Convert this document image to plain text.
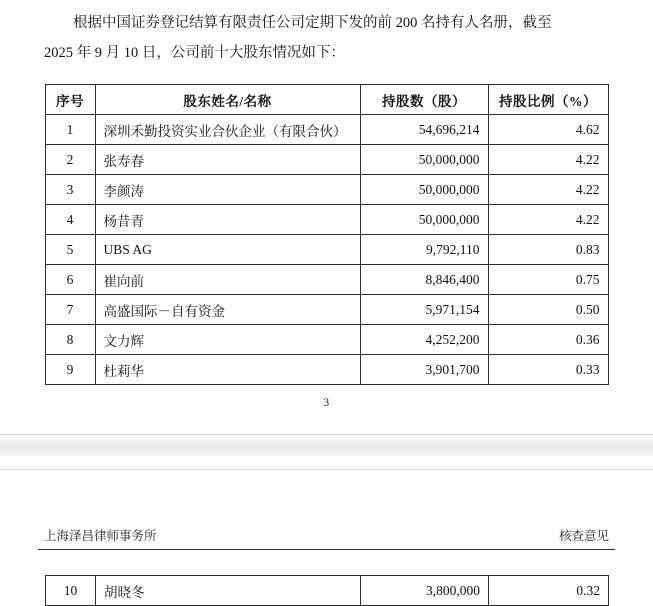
根据中国证券登记结算有限责任公司定期下发的前 200 名持有人名册，截至

2025 年 9 月 10 日，公司前十大股东情况如下：

序号	股东姓名/名称	持股数（股）	持股比例（%）
1	深圳禾勤投资实业合伙企业（有限合伙）	54,696,214	4.62
2	张寿春	50,000,000	4.22
3	李颜涛	50,000,000	4.22
4	杨昔青	50,000,000	4.22
5	UBS AG	9,792,110	0.83
6	崔向前	8,846,400	0.75
7	高盛国际－自有资金	5,971,154	0.50
8	文力辉	4,252,200	0.36
9	杜莉华	3,901,700	0.33
3
上海泽昌律师事务所	核查意见
10	胡晓冬	3,800,000	0.32
